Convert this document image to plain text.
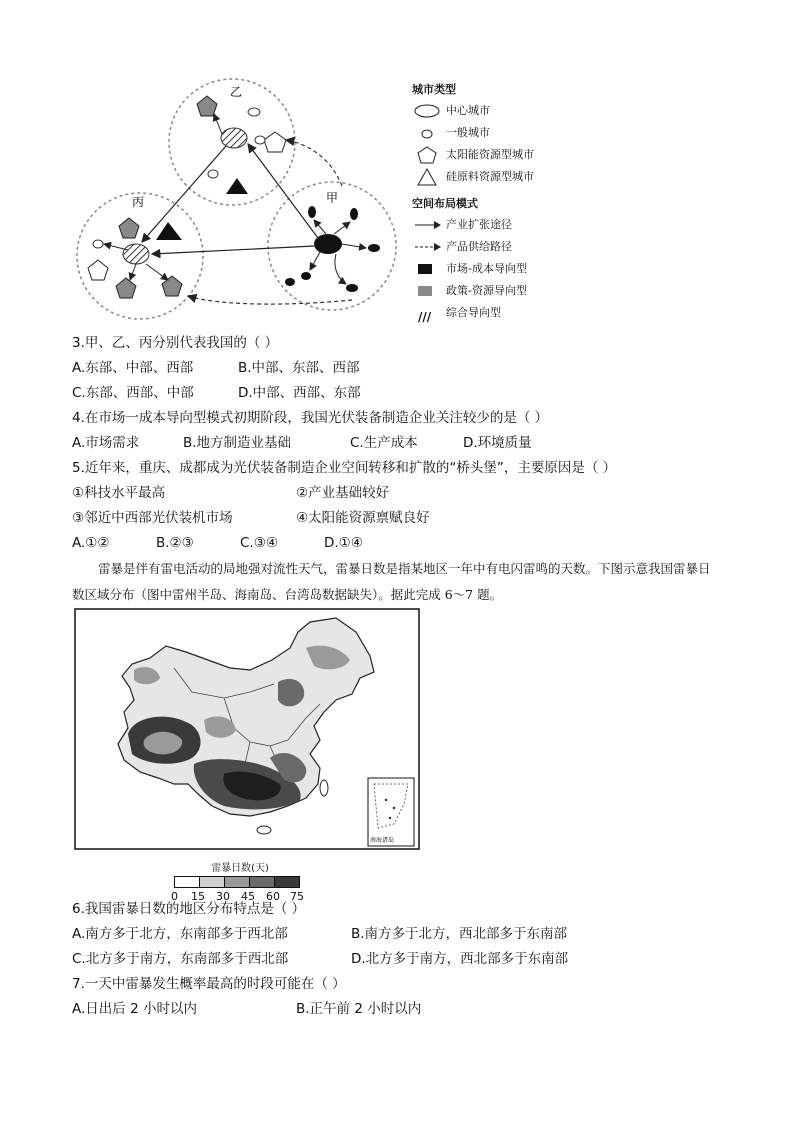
乙
丙	甲
城市类型
中心城市
一般城市
太阳能资源型城市
硅原料资源型城市
空间布局模式
产业扩张途径
产品供给路径
市场-成本导向型
政策-资源导向型
/// 综合导向型
3.甲、乙、丙分别代表我国的（ ）
A.东部、中部、西部	B.中部、东部、西部
C.东部、西部、中部	D.中部、西部、东部
4.在市场一成本导向型模式初期阶段，我国光伏装备制造企业关注较少的是（ ）
A.市场需求	B.地方制造业基础	C.生产成本	D.环境质量
5.近年来，重庆、成都成为光伏装备制造企业空间转移和扩散的“桥头堡”，主要原因是（ ）
①科技水平最高	②产业基础较好
③邻近中西部光伏装机市场	④太阳能资源禀赋良好
A.①②	B.②③	C.③④	D.①④
雷暴是伴有雷电活动的局地强对流性天气，雷暴日数是指某地区一年中有电闪雷鸣的天数。下图示意我国雷暴日数区域分布（图中雷州半岛、海南岛、台湾岛数据缺失）。据此完成 6～7 题。
南海诸岛
雷暴日数(天)
0 15 30 45 60 75
6.我国雷暴日数的地区分布特点是（ ）
A.南方多于北方，东南部多于西北部	B.南方多于北方，西北部多于东南部
C.北方多于南方，东南部多于西北部	D.北方多于南方，西北部多于东南部
7.一天中雷暴发生概率最高的时段可能在（ ）
A.日出后 2 小时以内	B.正午前 2 小时以内
